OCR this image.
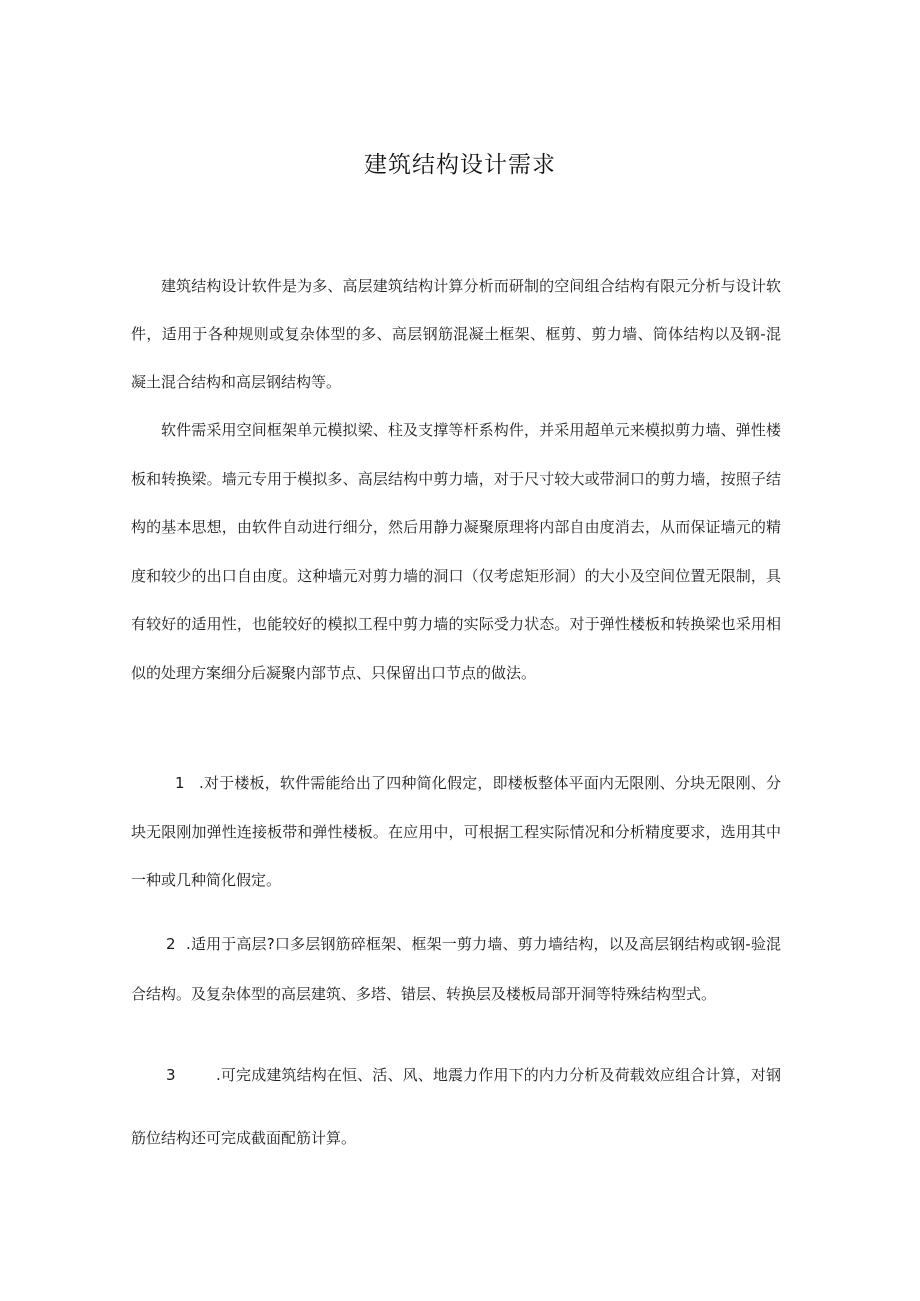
建筑结构设计需求

建筑结构设计软件是为多、高层建筑结构计算分析而研制的空间组合结构有限元分析与设计软件，适用于各种规则或复杂体型的多、高层钢筋混凝土框架、框剪、剪力墙、筒体结构以及钢-混凝土混合结构和高层钢结构等。

软件需采用空间框架单元模拟梁、柱及支撑等杆系构件，并采用超单元来模拟剪力墙、弹性楼板和转换梁。墙元专用于模拟多、高层结构中剪力墙，对于尺寸较大或带洞口的剪力墙，按照子结构的基本思想，由软件自动进行细分，然后用静力凝聚原理将内部自由度消去，从而保证墙元的精度和较少的出口自由度。这种墙元对剪力墙的洞口（仅考虑矩形洞）的大小及空间位置无限制，具有较好的适用性，也能较好的模拟工程中剪力墙的实际受力状态。对于弹性楼板和转换梁也采用相似的处理方案细分后凝聚内部节点、只保留出口节点的做法。

1 .对于楼板，软件需能给出了四种简化假定，即楼板整体平面内无限刚、分块无限刚、分块无限刚加弹性连接板带和弹性楼板。在应用中，可根据工程实际情况和分析精度要求，选用其中一种或几种简化假定。
2 .适用于高层?口多层钢筋碎框架、框架一剪力墙、剪力墙结构，以及高层钢结构或钢-验混合结构。及复杂体型的高层建筑、多塔、错层、转换层及楼板局部开洞等特殊结构型式。
3	.可完成建筑结构在恒、活、风、地震力作用下的内力分析及荷载效应组合计算，对钢筋位结构还可完成截面配筋计算。
